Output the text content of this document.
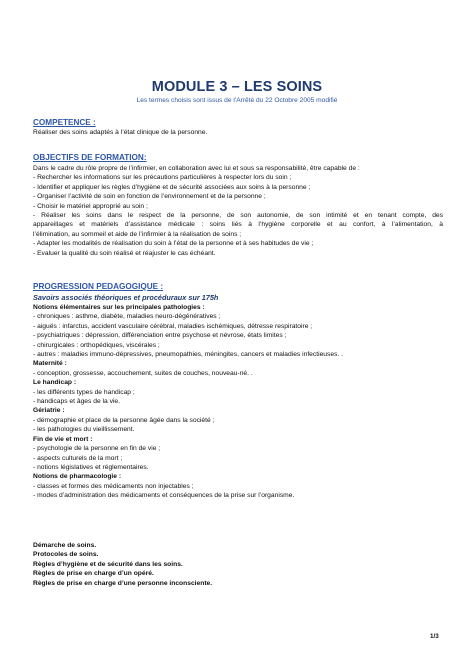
MODULE 3 – LES SOINS
Les termes choisis sont issus de l’Arrêté du 22 Octobre 2005 modifié
COMPETENCE :
Réaliser des soins adaptés à l’état clinique de la personne.
OBJECTIFS DE FORMATION:
Dans le cadre du rôle propre de l’infirmier, en collaboration avec lui et sous sa responsabilité, être capable de :
- Rechercher les informations sur les précautions particulières à respecter lors du soin ;
- Identifier et appliquer les règles d’hygiène et de sécurité associées aux soins à la personne ;
- Organiser l’activité de soin en fonction de l’environnement et de la personne ;
- Choisir le matériel approprié au soin ;
- Réaliser les soins dans le respect de la personne, de son autonomie, de son intimité et en tenant compte, des
appareillages et matériels d’assistance médicale : soins liés à l’hygiène corporelle et au confort, à l’alimentation, à
l’élimination, au sommeil et aide de l’infirmier à la réalisation de soins ;
- Adapter les modalités de réalisation du soin à l’état de la personne et à ses habitudes de vie ;
- Evaluer la qualité du soin réalisé et réajuster le cas échéant.
PROGRESSION PEDAGOGIQUE :
Savoirs associés théoriques et procéduraux sur 175h
Notions élémentaires sur les principales pathologies :
- chroniques : asthme, diabète, maladies neuro-dégénératives ;
- aiguës : infarctus, accident vasculaire cérébral, maladies ischémiques, détresse respiratoire ;
- psychiatriques : dépression, différenciation entre psychose et névrose, états limites ;
- chirurgicales : orthopédiques, viscérales ;
- autres : maladies immuno-dépressives, pneumopathies, méningites, cancers et maladies infectieuses. .
Maternité :
- conception, grossesse, accouchement, suites de couches, nouveau-né. .
Le handicap :
- les différents types de handicap ;
- handicaps et âges de la vie.
Gériatrie :
- démographie et place de la personne âgée dans la société ;
- les pathologies du vieillissement.
Fin de vie et mort :
- psychologie de la personne en fin de vie ;
- aspects culturels de la mort ;
- notions législatives et réglementaires.
Notions de pharmacologie :
- classes et formes des médicaments non injectables ;
- modes d’administration des médicaments et conséquences de la prise sur l’organisme.
Démarche de soins.
Protocoles de soins.
Règles d’hygiène et de sécurité dans les soins.
Règles de prise en charge d’un opéré.
Règles de prise en charge d’une personne inconsciente.
1/3
